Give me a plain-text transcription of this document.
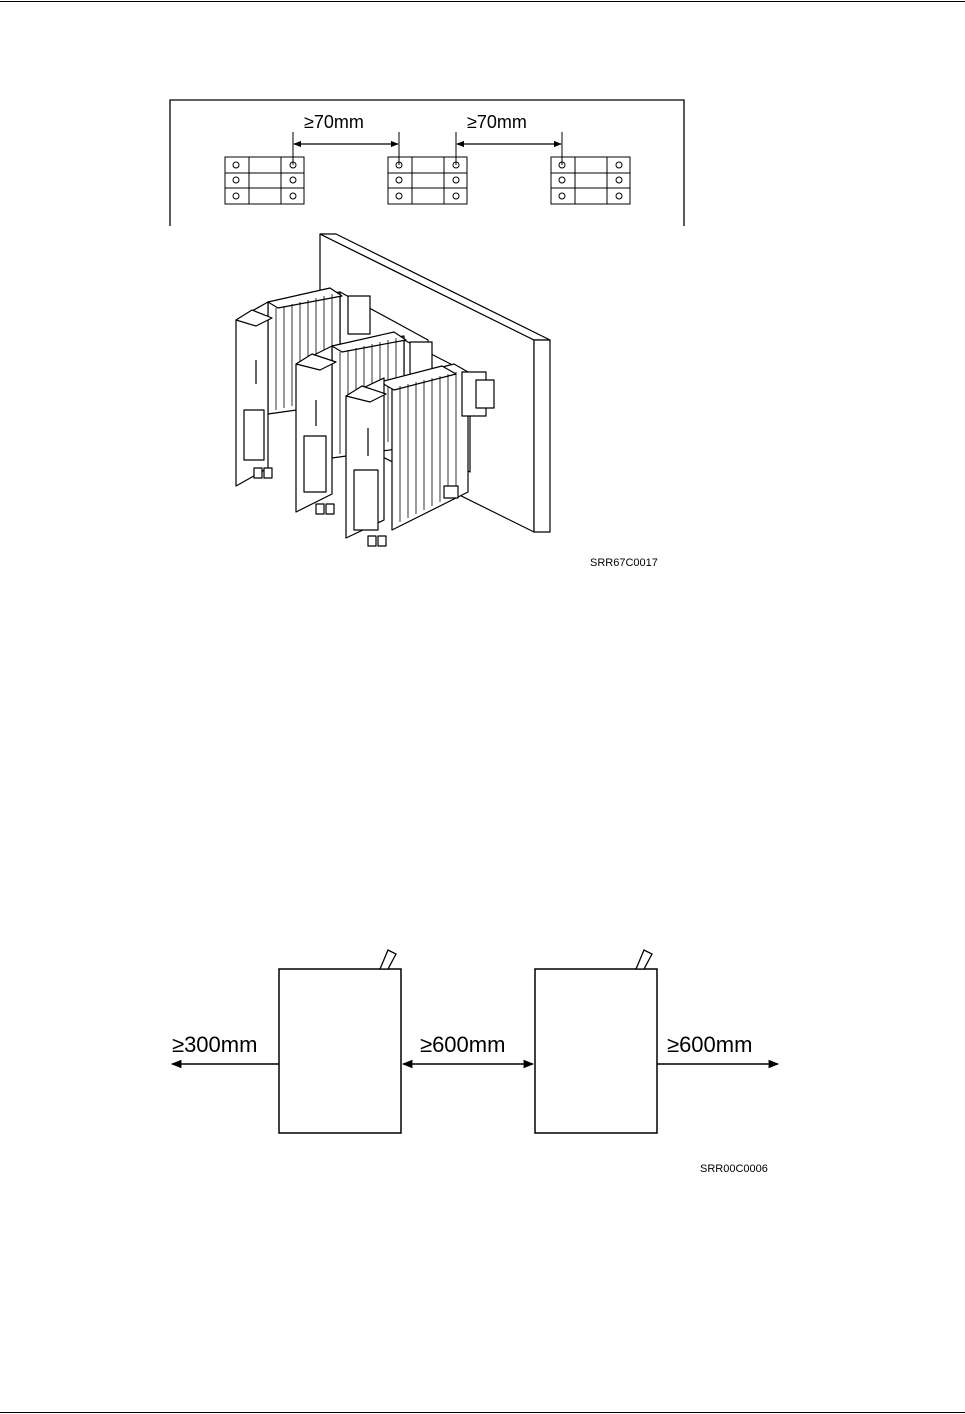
≥70mm	≥70mm
SRR67C0017
≥300mm	≥600mm	≥600mm
SRR00C0006
